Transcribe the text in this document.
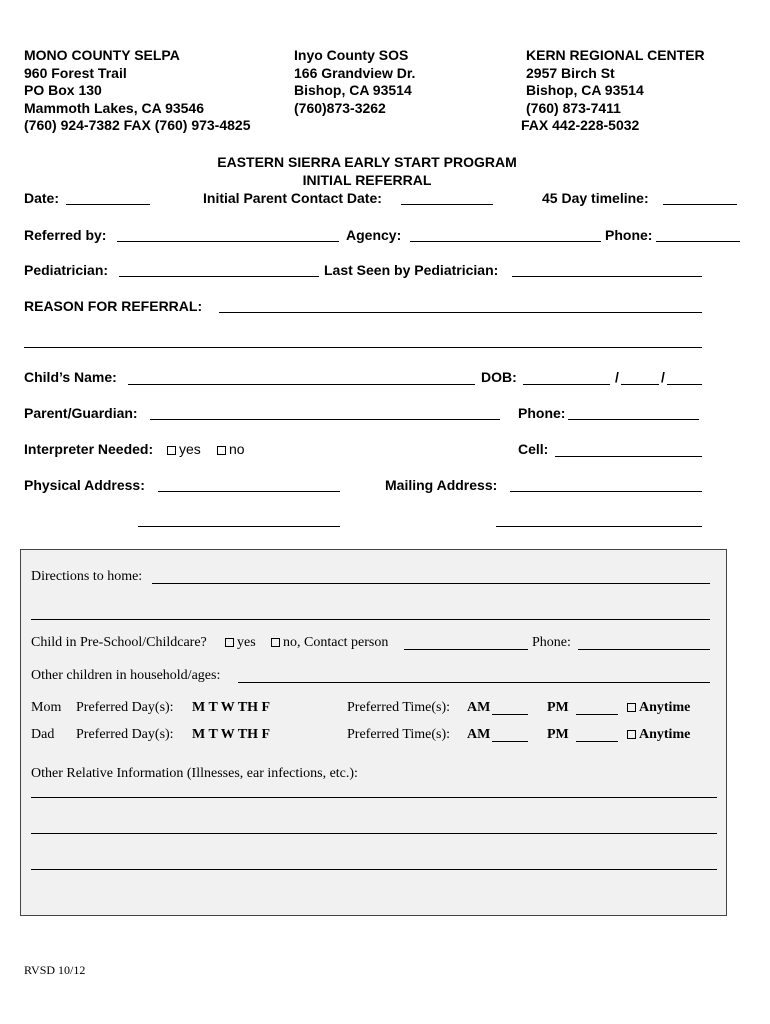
MONO COUNTY SELPA
960 Forest Trail
PO Box 130
Mammoth Lakes, CA 93546
(760) 924-7382 FAX (760) 973-4825
Inyo County SOS
166 Grandview Dr.
Bishop, CA 93514
(760)873-3262
KERN REGIONAL CENTER
2957 Birch St
Bishop, CA 93514
(760) 873-7411
FAX 442-228-5032
EASTERN SIERRA EARLY START PROGRAM
INITIAL REFERRAL
Date:	Initial Parent Contact Date:	45 Day timeline:
Referred by:	Agency:	Phone:
Pediatrician:	Last Seen by Pediatrician:
REASON FOR REFERRAL:
Child’s Name:	DOB:	/	/
Parent/Guardian:	Phone:
Interpreter Needed:	yes	no	Cell:
Physical Address:	Mailing Address:
Directions to home:
Child in Pre-School/Childcare?	yes	no, Contact person	Phone:
Other children in household/ages:
Mom Preferred Day(s): M T W TH F	Preferred Time(s): AM	PM	Anytime
Dad Preferred Day(s): M T W TH F	Preferred Time(s): AM	PM	Anytime
Other Relative Information (Illnesses, ear infections, etc.):
RVSD 10/12
